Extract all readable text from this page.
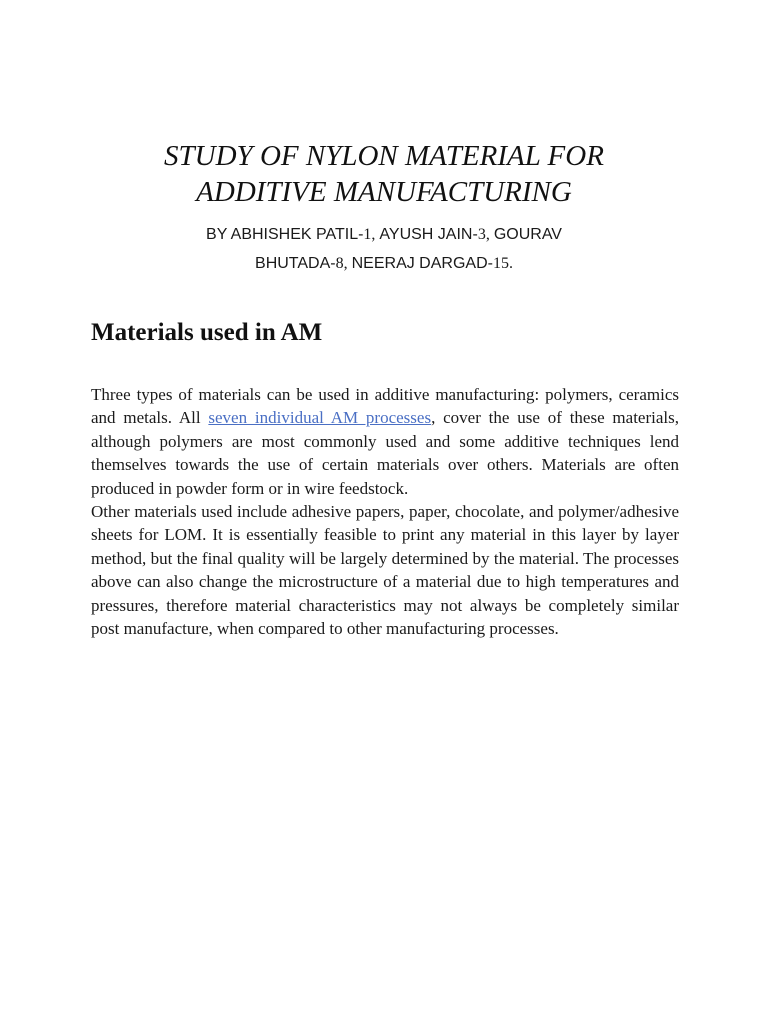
STUDY OF NYLON MATERIAL FOR
ADDITIVE MANUFACTURING
BY ABHISHEK PATIL-1, AYUSH JAIN-3, GOURAV
BHUTADA-8, NEERAJ DARGAD-15.
Materials used in AM

Three types of materials can be used in additive manufacturing: polymers, ceramics and metals. All seven individual AM processes, cover the use of these materials, although polymers are most commonly used and some additive techniques lend themselves towards the use of certain materials over others. Materials are often produced in powder form or in wire feedstock.

Other materials used include adhesive papers, paper, chocolate, and polymer/adhesive sheets for LOM. It is essentially feasible to print any material in this layer by layer method, but the final quality will be largely determined by the material. The processes above can also change the microstructure of a material due to high temperatures and pressures, therefore material characteristics may not always be completely similar post manufacture, when compared to other manufacturing processes.
